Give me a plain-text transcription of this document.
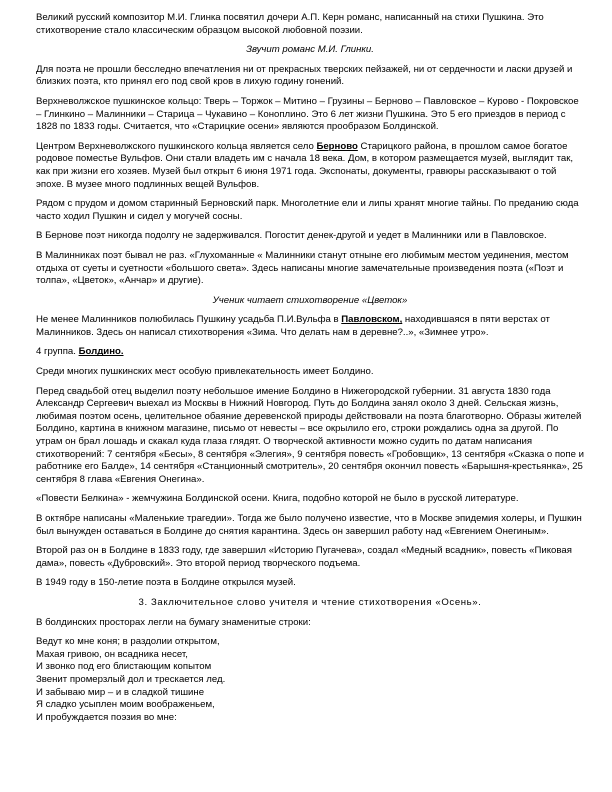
Великий русский композитор М.И. Глинка посвятил дочери А.П. Керн романс, написанный на стихи Пушкина. Это стихотворение стало классическим образцом высокой любовной поэзии.

Звучит романс М.И. Глинки.

Для поэта не прошли бесследно впечатления ни от прекрасных тверских пейзажей, ни от сердечности и ласки друзей и близких поэта, кто принял его под свой кров в лихую годину гонений.

Верхневолжское пушкинское кольцо: Тверь – Торжок – Митино – Грузины – Берново – Павловское – Курово - Покровское – Глинкино – Малинники – Старица – Чукавино – Коноплино. Это 6 лет жизни Пушкина. Это 5 его приездов в период с 1828 по 1833 годы. Считается, что «Старицкие осени» являются прообразом Болдинской.

Центром Верхневолжского пушкинского кольца является село Берново Старицкого района, в прошлом самое богатое родовое поместье Вульфов. Они стали владеть им с начала 18 века. Дом, в котором размещается музей, выглядит так, как при жизни его хозяев. Музей был открыт 6 июня 1971 года. Экспонаты, документы, гравюры рассказывают о той эпохе. В музее много подлинных вещей Вульфов.

Рядом с прудом и домом старинный Берновский парк. Многолетние ели и липы хранят многие тайны. По преданию сюда часто ходил Пушкин и сидел у могучей сосны.

В Бернове поэт никогда подолгу не задерживался. Погостит денек-другой и уедет в Малинники или в Павловское.

В Малинниках поэт бывал не раз. «Глухоманные « Малинники станут отныне его любимым местом уединения, местом отдыха от суеты и суетности «большого света». Здесь написаны многие замечательные произведения поэта («Поэт и толпа», «Цветок», «Анчар» и другие).

Ученик читает стихотворение «Цветок»

Не менее Малинников полюбилась Пушкину усадьба П.И.Вульфа в Павловском, находившаяся в пяти верстах от Малинников. Здесь он написал стихотворения «Зима. Что делать нам в деревне?..», «Зимнее утро».

4 группа. Болдино.

Среди многих пушкинских мест особую привлекательность имеет Болдино.

Перед свадьбой отец выделил поэту небольшое имение Болдино в Нижегородской губернии. 31 августа 1830 года Александр Сергеевич выехал из Москвы в Нижний Новгород. Путь до Болдина занял около 3 дней. Сельская жизнь, любимая поэтом осень, целительное обаяние деревенской природы действовали на поэта благотворно. Образы жителей Болдино, картина в книжном магазине, письмо от невесты – все окрылило его, строки рождались одна за другой. По утрам он брал лошадь и скакал куда глаза глядят. О творческой активности можно судить по датам написания стихотворений: 7 сентября «Бесы», 8 сентября «Элегия», 9 сентября повесть «Гробовщик», 13 сентября «Сказка о попе и работнике его Балде», 14 сентября «Станционный смотритель», 20 сентября окончил повесть «Барышня-крестьянка», 25 сентября 8 глава «Евгения Онегина».

«Повести Белкина» - жемчужина Болдинской осени. Книга, подобно которой не было в русской литературе.

В октябре написаны «Маленькие трагедии». Тогда же было получено известие, что в Москве эпидемия холеры, и Пушкин был вынужден оставаться в Болдине до снятия карантина. Здесь он завершил работу над «Евгением Онегиным».

Второй раз он в Болдине в 1833 году, где завершил «Историю Пугачева», создал «Медный всадник», повесть «Пиковая дама», повесть «Дубровский». Это второй период творческого подъема.

В 1949 году в 150-летие поэта в Болдине открылся музей.

3. Заключительное слово учителя и чтение стихотворения «Осень».

В болдинских просторах легли на бумагу знаменитые строки:

Ведут ко мне коня; в раздолии открытом,

Махая гривою, он всадника несет,

И звонко под его блистающим копытом

Звенит промерзлый дол и трескается лед.

И забываю мир – и в сладкой тишине

Я сладко усыплен моим воображеньем,

И пробуждается поэзия во мне:
